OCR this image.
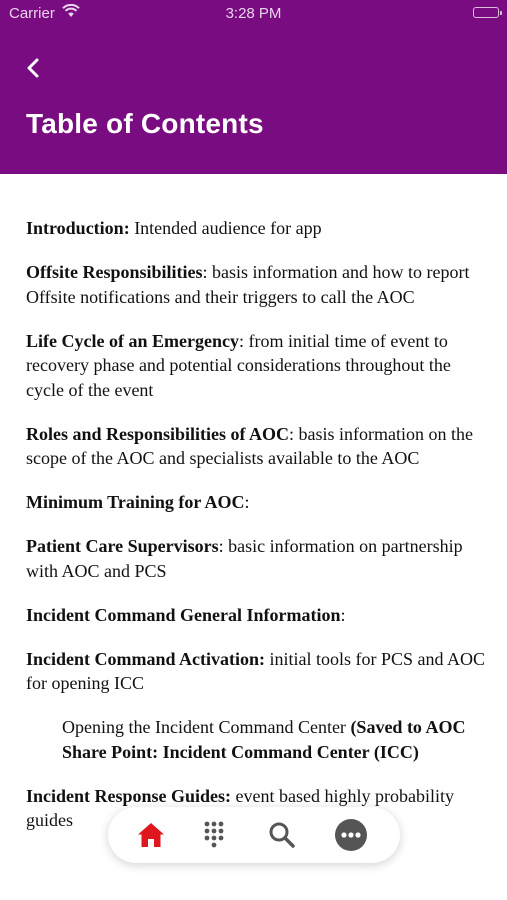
Carrier	3:28 PM
Table of Contents

Introduction: Intended audience for app

Offsite Responsibilities: basis information and how to report Offsite notifications and their triggers to call the AOC

Life Cycle of an Emergency: from initial time of event to recovery phase and potential considerations throughout the cycle of the event

Roles and Responsibilities of AOC: basis information on the scope of the AOC and specialists available to the AOC

Minimum Training for AOC:

Patient Care Supervisors: basic information on partnership with AOC and PCS

Incident Command General Information:

Incident Command Activation: initial tools for PCS and AOC for opening ICC

Opening the Incident Command Center (Saved to AOC Share Point: Incident Command Center (ICC)

Incident Response Guides: event based highly probability guides
